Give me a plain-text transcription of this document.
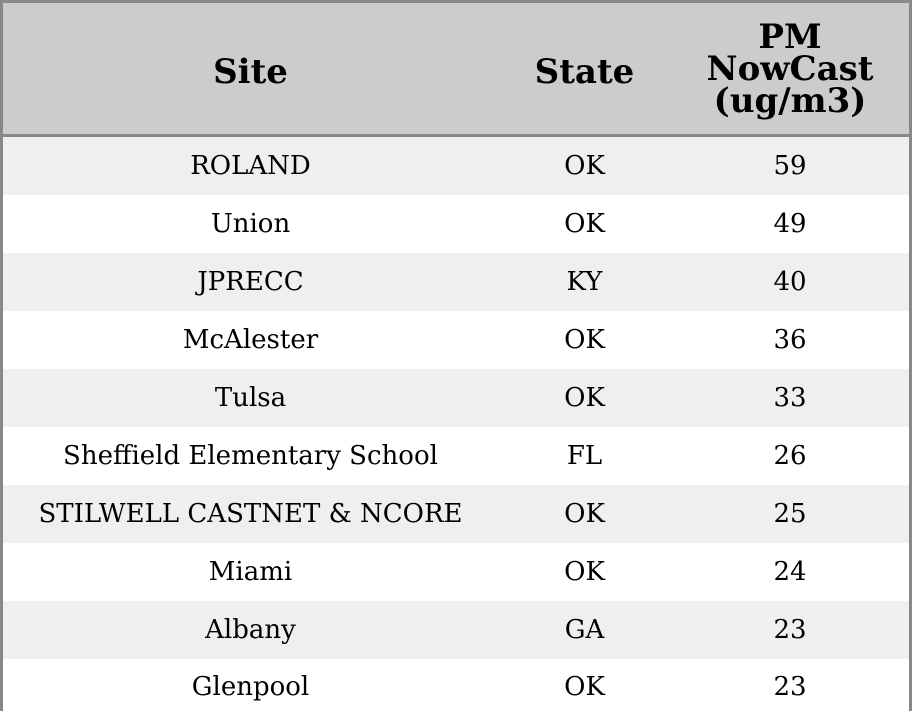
Site	State	PM
NowCast
(ug/m3)

ROLAND	OK	59
Union	OK	49
JPRECC	KY	40
McAlester	OK	36
Tulsa	OK	33
Sheffield Elementary School	FL	26
STILWELL CASTNET & NCORE	OK	25
Miami	OK	24
Albany	GA	23
Glenpool	OK	23
